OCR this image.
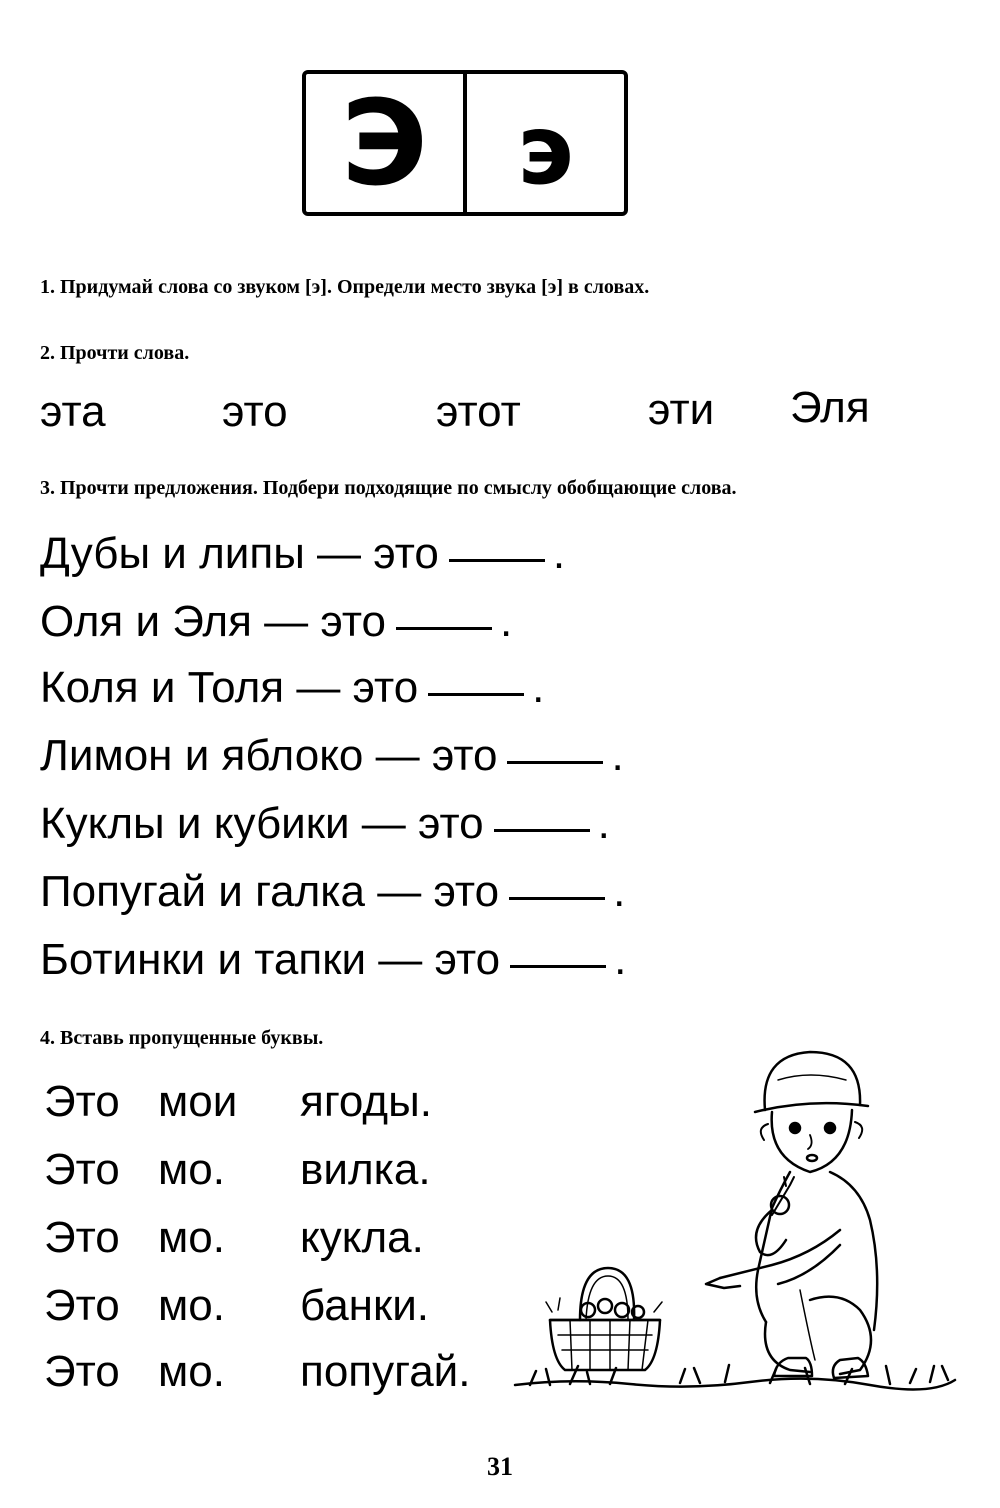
Э э
1. Придумай слова со звуком [э]. Определи место звука [э] в словах.
2. Прочти слова.
эта	это	этот	эти Эля
3. Прочти предложения. Подбери подходящие по смыслу обобщающие слова.
Дубы и липы — это	.
Оля и Эля — это	.
Коля и Толя — это	.
Лимон и яблоко — это	.
Куклы и кубики — это	.
Попугай и галка — это	.
Ботинки и тапки — это	.
4. Вставь пропущенные буквы.
Это мои ягоды.
Это мо. вилка.
Это мо. кукла.
Это мо. банки.
Это мо. попугай.
31
